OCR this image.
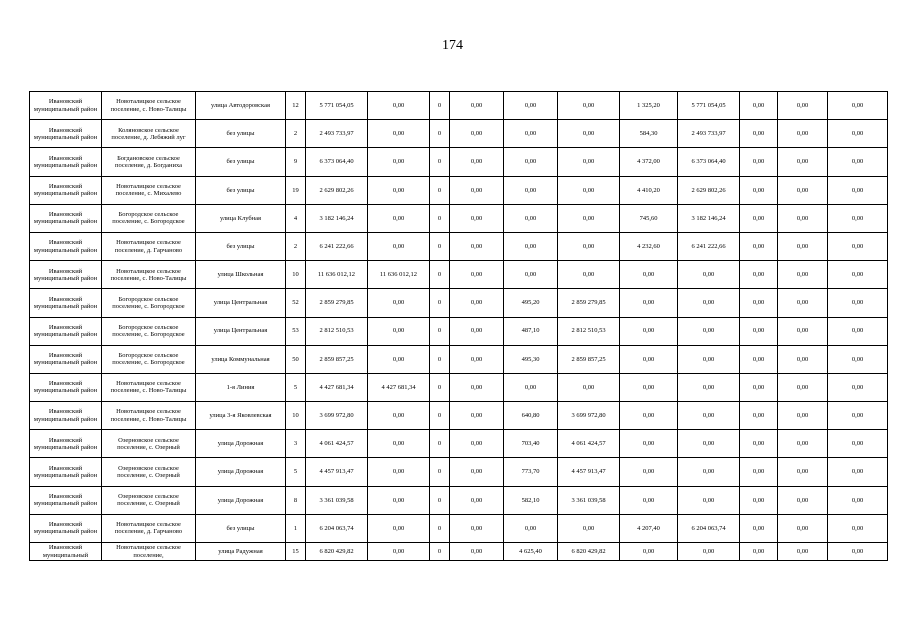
174
Ивановский муниципальный район	Новоталицкое сельское поселение, с. Ново-Талицы	улица Автодоровская	12	5 771 054,05	0,00	0	0,00	0,00	0,00	1 325,20	5 771 054,05	0,00	0,00	0,00
Ивановский муниципальный район	Коляновское сельское поселение, д. Лебяжий луг	без улицы	2	2 493 733,97	0,00	0	0,00	0,00	0,00	584,30	2 493 733,97	0,00	0,00	0,00
Ивановский муниципальный район	Богдановское сельское поселение, д. Богданиха	без улицы	9	6 373 064,40	0,00	0	0,00	0,00	0,00	4 372,00	6 373 064,40	0,00	0,00	0,00
Ивановский муниципальный район	Новоталицкое сельское поселение, с. Михалево	без улицы	19	2 629 802,26	0,00	0	0,00	0,00	0,00	4 410,20	2 629 802,26	0,00	0,00	0,00
Ивановский муниципальный район	Богородское сельское поселение, с. Богородское	улица Клубная	4	3 182 146,24	0,00	0	0,00	0,00	0,00	745,60	3 182 146,24	0,00	0,00	0,00
Ивановский муниципальный район	Новоталицкое сельское поселение, д. Гарчаново	без улицы	2	6 241 222,66	0,00	0	0,00	0,00	0,00	4 232,60	6 241 222,66	0,00	0,00	0,00
Ивановский муниципальный район	Новоталицкое сельское поселение, с. Ново-Талицы	улица Школьная	10	11 636 012,12	11 636 012,12	0	0,00	0,00	0,00	0,00	0,00	0,00	0,00	0,00
Ивановский муниципальный район	Богородское сельское поселение, с. Богородское	улица Центральная	52	2 859 279,85	0,00	0	0,00	495,20	2 859 279,85	0,00	0,00	0,00	0,00	0,00
Ивановский муниципальный район	Богородское сельское поселение, с. Богородское	улица Центральная	53	2 812 510,53	0,00	0	0,00	487,10	2 812 510,53	0,00	0,00	0,00	0,00	0,00
Ивановский муниципальный район	Богородское сельское поселение, с. Богородское	улица Коммунальная	50	2 859 857,25	0,00	0	0,00	495,30	2 859 857,25	0,00	0,00	0,00	0,00	0,00
Ивановский муниципальный район	Новоталицкое сельское поселение, с. Ново-Талицы	1-я Линия	5	4 427 681,34	4 427 681,34	0	0,00	0,00	0,00	0,00	0,00	0,00	0,00	0,00
Ивановский муниципальный район	Новоталицкое сельское поселение, с. Ново-Талицы	улица 3-я Яковлевская	10	3 699 972,80	0,00	0	0,00	640,80	3 699 972,80	0,00	0,00	0,00	0,00	0,00
Ивановский муниципальный район	Озерновское сельское поселение, с. Озерный	улица Дорожная	3	4 061 424,57	0,00	0	0,00	703,40	4 061 424,57	0,00	0,00	0,00	0,00	0,00
Ивановский муниципальный район	Озерновское сельское поселение, с. Озерный	улица Дорожная	5	4 457 913,47	0,00	0	0,00	773,70	4 457 913,47	0,00	0,00	0,00	0,00	0,00
Ивановский муниципальный район	Озерновское сельское поселение, с. Озерный	улица Дорожная	8	3 361 039,58	0,00	0	0,00	582,10	3 361 039,58	0,00	0,00	0,00	0,00	0,00
Ивановский муниципальный район	Новоталицкое сельское поселение, д. Гарчаново	без улицы	1	6 204 063,74	0,00	0	0,00	0,00	0,00	4 207,40	6 204 063,74	0,00	0,00	0,00
Ивановский муниципальный	Новоталицкое сельское поселение,	улица Радужная	15	6 820 429,82	0,00	0	0,00	4 625,40	6 820 429,82	0,00	0,00	0,00	0,00	0,00
